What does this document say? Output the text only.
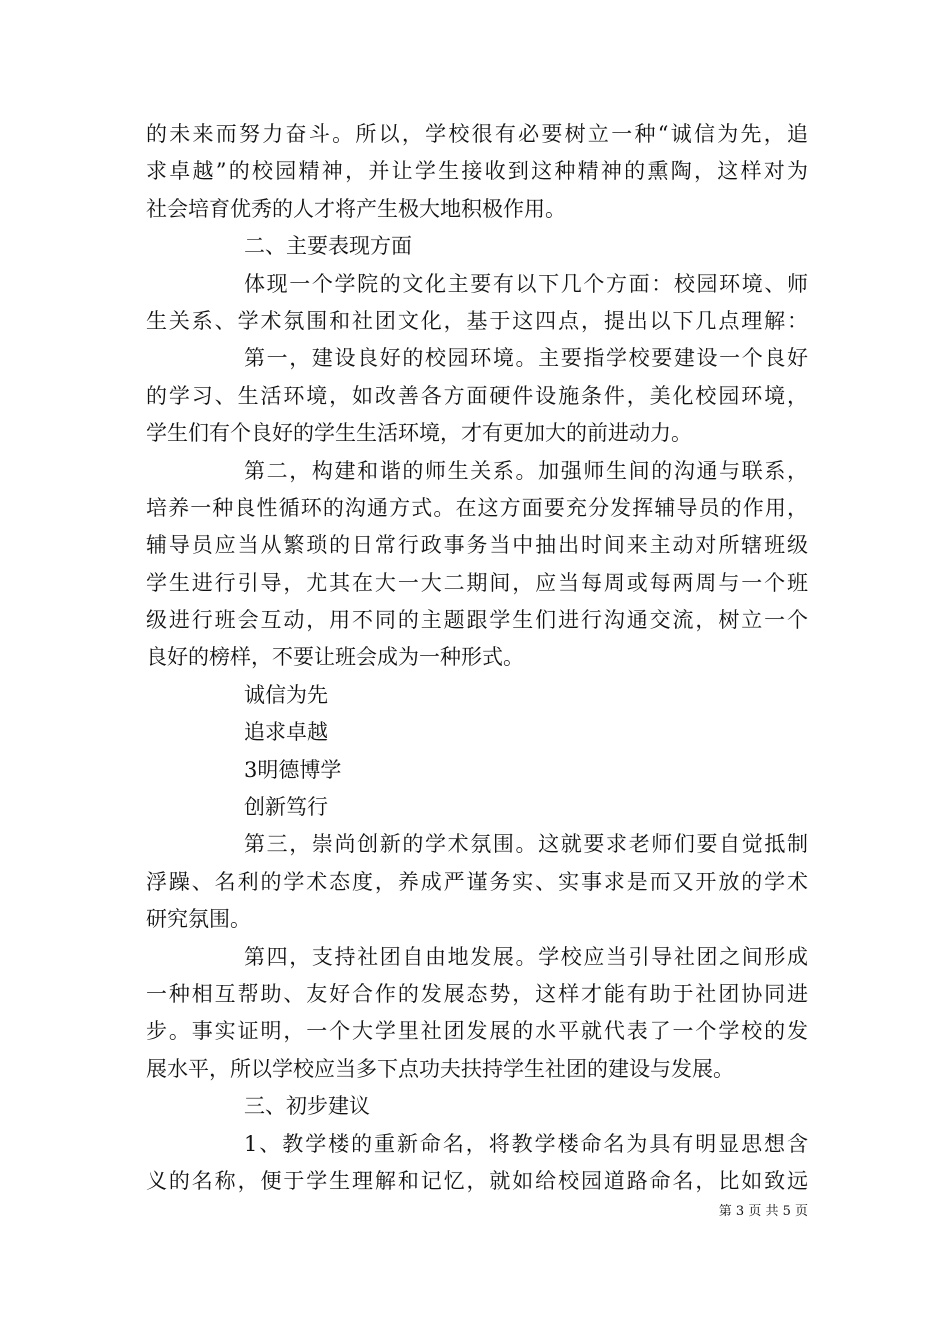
的未来而努力奋斗。所以，学校很有必要树立一种“诚信为先，追
求卓越”的校园精神，并让学生接收到这种精神的熏陶，这样对为
社会培育优秀的人才将产生极大地积极作用。
二、主要表现方面
体现一个学院的文化主要有以下几个方面：校园环境、师
生关系、学术氛围和社团文化，基于这四点，提出以下几点理解：
第一，建设良好的校园环境。主要指学校要建设一个良好
的学习、生活环境，如改善各方面硬件设施条件，美化校园环境，
学生们有个良好的学生生活环境，才有更加大的前进动力。
第二，构建和谐的师生关系。加强师生间的沟通与联系，
培养一种良性循环的沟通方式。在这方面要充分发挥辅导员的作用，
辅导员应当从繁琐的日常行政事务当中抽出时间来主动对所辖班级
学生进行引导，尤其在大一大二期间，应当每周或每两周与一个班
级进行班会互动，用不同的主题跟学生们进行沟通交流，树立一个
良好的榜样，不要让班会成为一种形式。
诚信为先
追求卓越
3明德博学
创新笃行
第三，崇尚创新的学术氛围。这就要求老师们要自觉抵制
浮躁、名利的学术态度，养成严谨务实、实事求是而又开放的学术
研究氛围。
第四，支持社团自由地发展。学校应当引导社团之间形成
一种相互帮助、友好合作的发展态势，这样才能有助于社团协同进
步。事实证明，一个大学里社团发展的水平就代表了一个学校的发
展水平，所以学校应当多下点功夫扶持学生社团的建设与发展。
三、初步建议
1、教学楼的重新命名，将教学楼命名为具有明显思想含
义的名称，便于学生理解和记忆，就如给校园道路命名，比如致远
第 3 页 共 5 页
